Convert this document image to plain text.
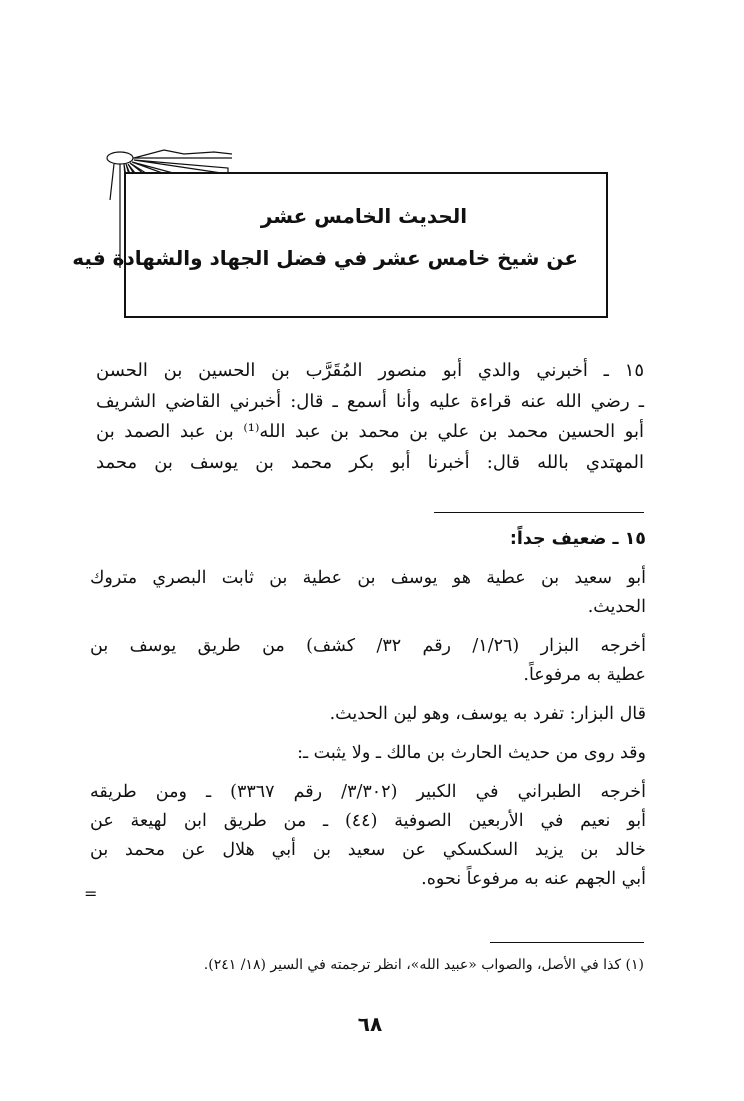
الحديث الخامس عشر
عن شيخ خامس عشر في فضل الجهاد والشهادة فيه
١٥ ـ أخبرني والدي أبو منصور المُقَرَّب بن الحسين بن الحسن
ـ رضي الله عنه قراءة عليه وأنا أسمع ـ قال: أخبرني القاضي الشريف
أبو الحسين محمد بن علي بن محمد بن عبد الله⁽¹⁾ بن عبد الصمد بن
المهتدي بالله قال: أخبرنا أبو بكر محمد بن يوسف بن محمد

١٥ ـ ضعيف جداً:

أبو سعيد بن عطية هو يوسف بن عطية بن ثابت البصري متروك
الحديث.

أخرجه البزار (١/٢٦/ رقم ٣٢/ كشف) من طريق يوسف بن
عطية به مرفوعاً.

قال البزار: تفرد به يوسف، وهو لين الحديث.

وقد روى من حديث الحارث بن مالك ـ ولا يثبت ـ:

أخرجه الطبراني في الكبير (٣/٣٠٢/ رقم ٣٣٦٧) ـ ومن طريقه
أبو نعيم في الأربعين الصوفية (٤٤) ـ من طريق ابن لهيعة عن
خالد بن يزيد السكسكي عن سعيد بن أبي هلال عن محمد بن
أبي الجهم عنه به مرفوعاً نحوه.

=
(١) كذا في الأصل، والصواب «عبيد الله»، انظر ترجمته في السير (١٨/ ٢٤١).
٦٨
